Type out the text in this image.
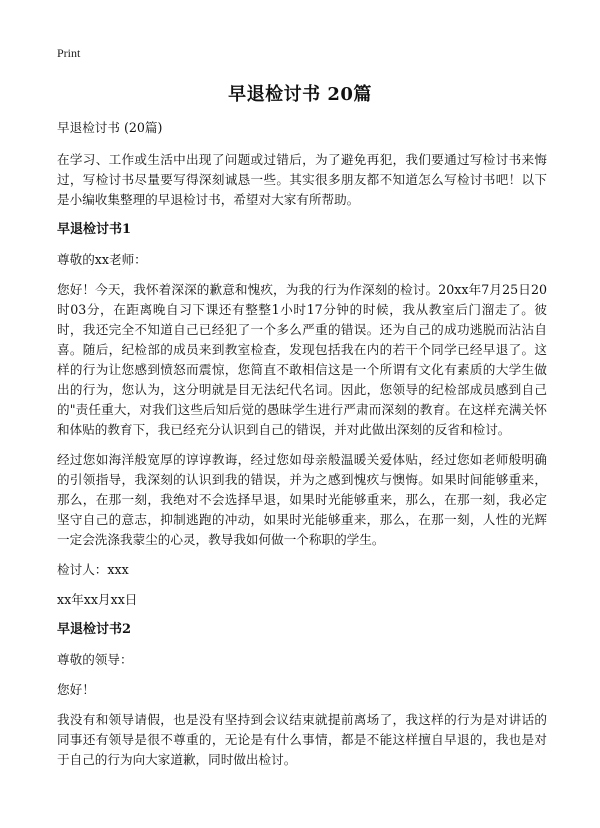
Print
早退检讨书 20篇

早退检讨书 (20篇)

在学习、工作或生活中出现了问题或过错后，为了避免再犯，我们要通过写检讨书来悔过，写检讨书尽量要写得深刻诚恳一些。其实很多朋友都不知道怎么写检讨书吧！以下是小编收集整理的早退检讨书，希望对大家有所帮助。

早退检讨书1

尊敬的xx老师：

您好！今天，我怀着深深的歉意和愧疚，为我的行为作深刻的检讨。20xx年7月25日20时03分，在距离晚自习下课还有整整1小时17分钟的时候，我从教室后门溜走了。彼时，我还完全不知道自己已经犯了一个多么严重的错误。还为自己的成功逃脱而沾沾自喜。随后，纪检部的成员来到教室检查，发现包括我在内的若干个同学已经早退了。这样的行为让您感到愤怒而震惊，您简直不敢相信这是一个所谓有文化有素质的大学生做出的行为，您认为，这分明就是目无法纪代名词。因此，您领导的纪检部成员感到自己的"责任重大，对我们这些后知后觉的愚昧学生进行严肃而深刻的教育。在这样充满关怀和体贴的教育下，我已经充分认识到自己的错误，并对此做出深刻的反省和检讨。

经过您如海洋般宽厚的谆谆教诲，经过您如母亲般温暖关爱体贴，经过您如老师般明确的引领指导，我深刻的认识到我的错误，并为之感到愧疚与懊悔。如果时间能够重来，那么，在那一刻，我绝对不会选择早退，如果时光能够重来，那么，在那一刻，我必定坚守自己的意志，抑制逃跑的冲动，如果时光能够重来，那么，在那一刻，人性的光辉一定会洗涤我蒙尘的心灵，教导我如何做一个称职的学生。

检讨人：xxx

xx年xx月xx日

早退检讨书2

尊敬的领导：

您好！

我没有和领导请假，也是没有坚持到会议结束就提前离场了，我这样的行为是对讲话的同事还有领导是很不尊重的，无论是有什么事情，都是不能这样擅自早退的，我也是对于自己的行为向大家道歉，同时做出检讨。
